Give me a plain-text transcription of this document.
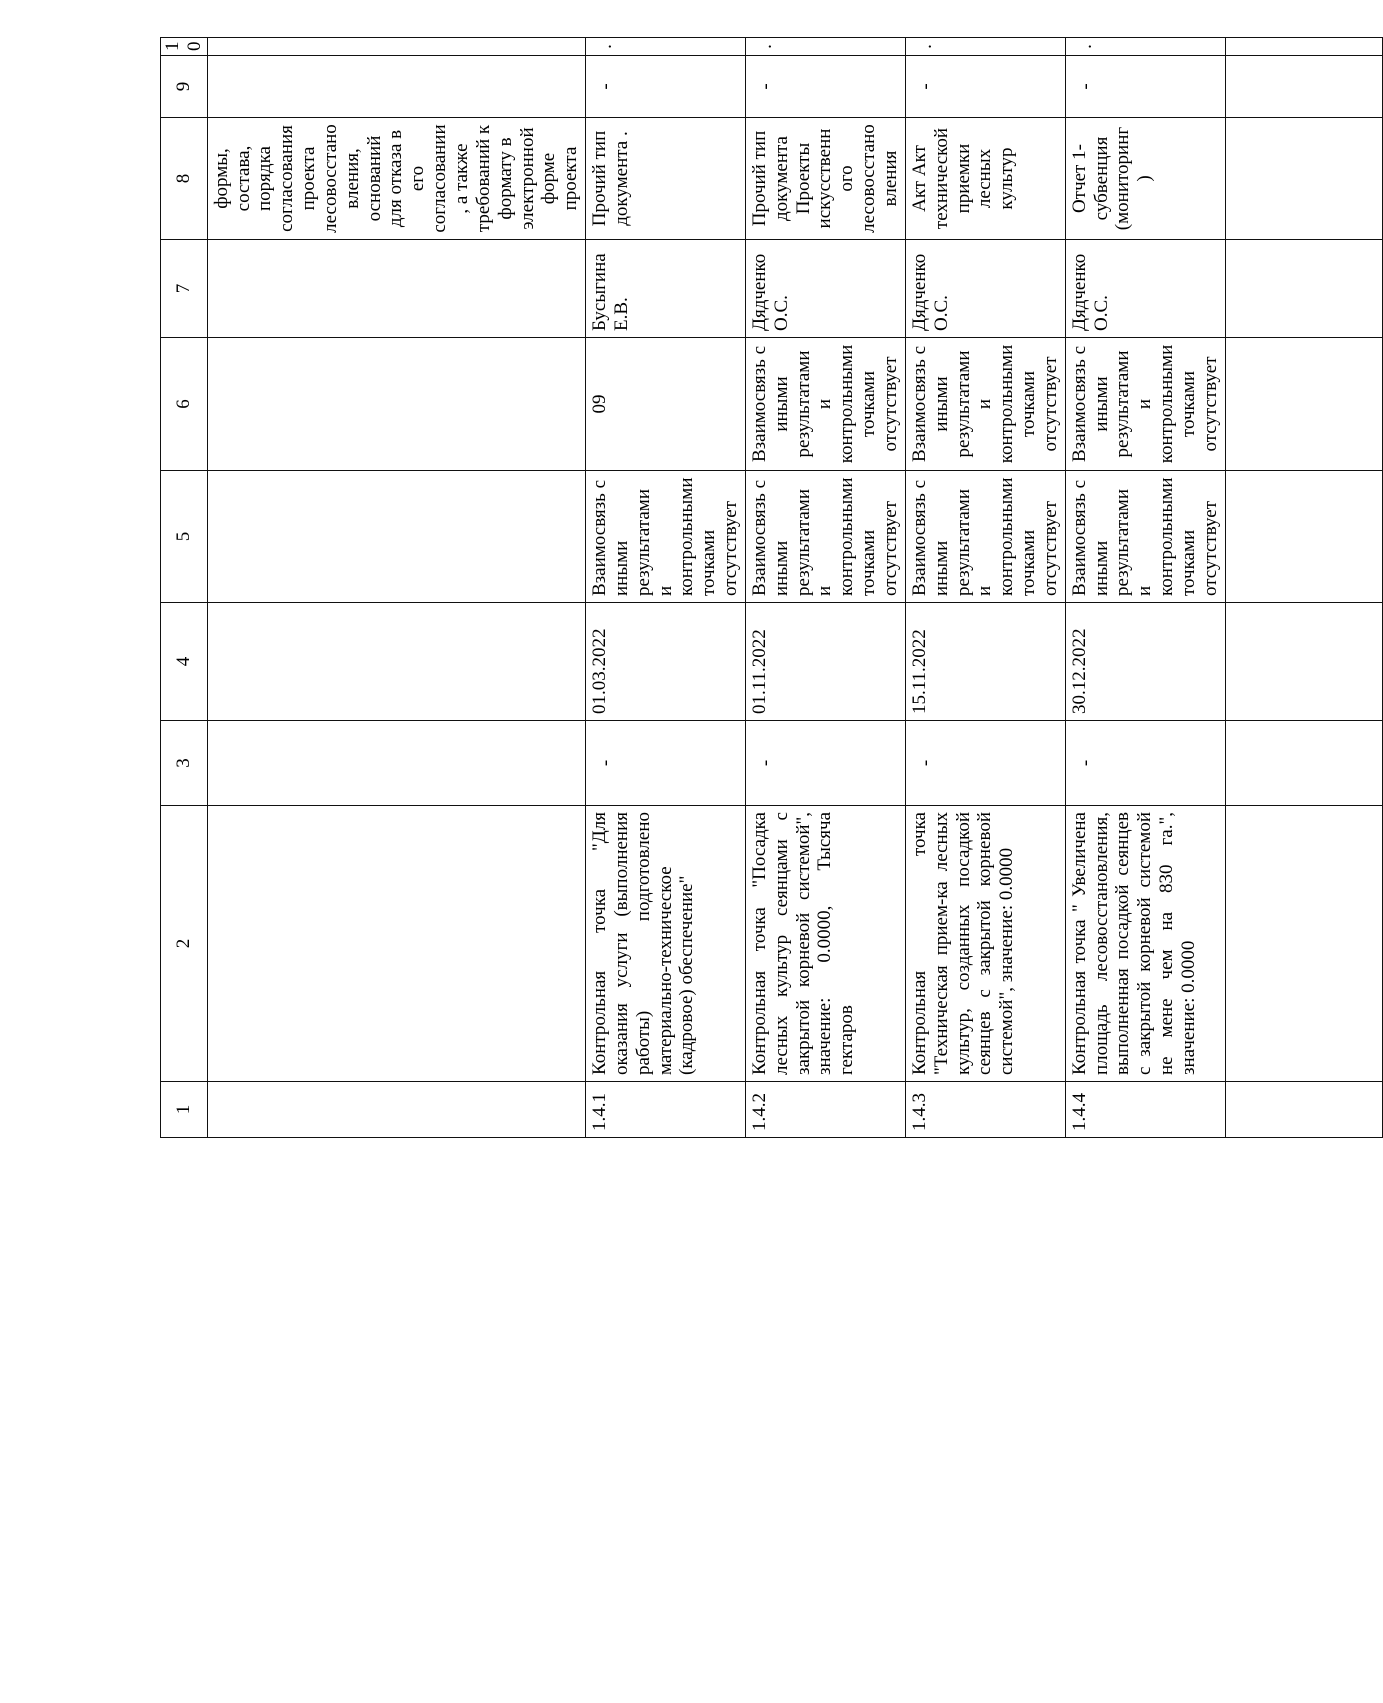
1	2	3	4	5	6	7	8	9	10
							формы, состава, порядка согласования проекта лесовосстановления, оснований для отказа в его согласовании, а также требований к формату в электронной форме проекта		
1.4.1	Контрольная точка "Для оказания услуги (выполнения работы) подготовлено материально-техническое (кадровое) обеспечение"	-	01.03.2022	Взаимосвязь с иными результатами и контрольными точками отсутствует	09	Бусыгина Е.В.	Прочий тип документа .	-	.

1.4.2	Контрольная точка "Посадка лесных культур сеянцами с закрытой корневой системой", значение: 0.0000, Тысяча гектаров	-	01.11.2022	Взаимосвязь с иными результатами и контрольными точками отсутствует	Взаимосвязь с иными результатами и контрольными точками отсутствует	Дядченко О.С.	Прочий тип документа Проекты искусственного лесовосстановления	-	.

1.4.3	Контрольная точка "Техническая прием-ка лесных культур, созданных посадкой сеянцев с закрытой корневой системой", значение: 0.0000	-	15.11.2022	Взаимосвязь с иными результатами и контрольными точками отсутствует	Взаимосвязь с иными результатами и контрольными точками отсутствует	Дядченко О.С.	Акт Акт технической приемки лесных культур	-	.

1.4.4	Контрольная точка " Увеличена площадь лесовосстановления, выполненная посадкой сеянцев с закрытой корневой системой не мене чем на 830 га.", значение: 0.0000	-	30.12.2022	Взаимосвязь с иными результатами и контрольными точками отсутствует	Взаимосвязь с иными результатами и контрольными точками отсутствует	Дядченко О.С.	Отчет 1-субвенция (мониторинг)	-	.
